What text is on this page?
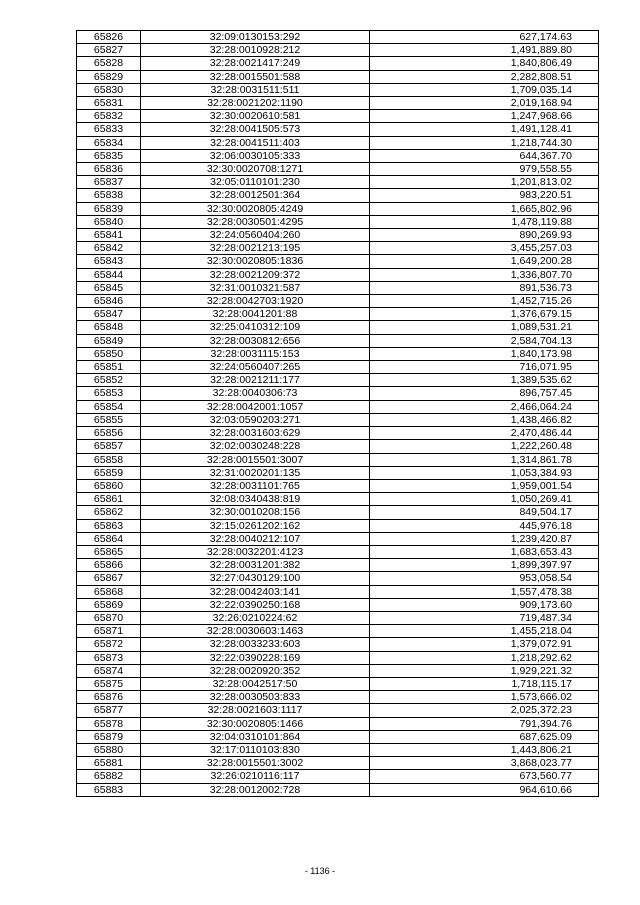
65826	32:09:0130153:292	627,174.63
65827	32:28:0010928:212	1,491,889.80
65828	32:28:0021417:249	1,840,806.49
65829	32:28:0015501:588	2,282,808.51
65830	32:28:0031511:511	1,709,035.14
65831	32:28:0021202:1190	2,019,168.94
65832	32:30:0020610:581	1,247,968.66
65833	32:28:0041505:573	1,491,128.41
65834	32:28:0041511:403	1,218,744.30
65835	32:06:0030105:333	644,367.70
65836	32:30:0020708:1271	979,558.55
65837	32:05:0110101:230	1,201,813.02
65838	32:28:0012501:364	983,220.51
65839	32:30:0020805:4249	1,665,802.96
65840	32:28:0030501:4295	1,478,119.88
65841	32:24:0560404:260	890,269.93
65842	32:28:0021213:195	3,455,257.03
65843	32:30:0020805:1836	1,649,200.28
65844	32:28:0021209:372	1,336,807.70
65845	32:31:0010321:587	891,536.73
65846	32:28:0042703:1920	1,452,715.26
65847	32:28:0041201:88	1,376,679.15
65848	32:25:0410312:109	1,089,531.21
65849	32:28:0030812:656	2,584,704.13
65850	32:28:0031115:153	1,840,173.98
65851	32:24:0560407:265	716,071.95
65852	32:28:0021211:177	1,389,535.62
65853	32:28:0040306:73	896,757.45
65854	32:28:0042001:1057	2,466,064.24
65855	32:03:0590203:271	1,438,466.82
65856	32:28:0031603:629	2,470,486.44
65857	32:02:0030248:228	1,222,260.48
65858	32:28:0015501:3007	1,314,861.78
65859	32:31:0020201:135	1,053,384.93
65860	32:28:0031101:765	1,959,001.54
65861	32:08:0340438:819	1,050,269.41
65862	32:30:0010208:156	849,504.17
65863	32:15:0261202:162	445,976.18
65864	32:28:0040212:107	1,239,420.87
65865	32:28:0032201:4123	1,683,653.43
65866	32:28:0031201:382	1,899,397.97
65867	32:27:0430129:100	953,058.54
65868	32:28:0042403:141	1,557,478.38
65869	32:22:0390250:168	909,173.60
65870	32:26:0210224:62	719,487.34
65871	32:28:0030603:1463	1,455,218.04
65872	32:28:0033233:603	1,379,072.91
65873	32:22:0390228:169	1,218,292.62
65874	32:28:0020920:352	1,929,221.32
65875	32:28:0042517:50	1,718,115.17
65876	32:28:0030503:833	1,573,666.02
65877	32:28:0021603:1117	2,025,372.23
65878	32:30:0020805:1466	791,394.76
65879	32:04:0310101:864	687,625.09
65880	32:17:0110103:830	1,443,806.21
65881	32:28:0015501:3002	3,868,023.77
65882	32:26:0210116:117	673,560.77
65883	32:28:0012002:728	964,610.66
- 1136 -
